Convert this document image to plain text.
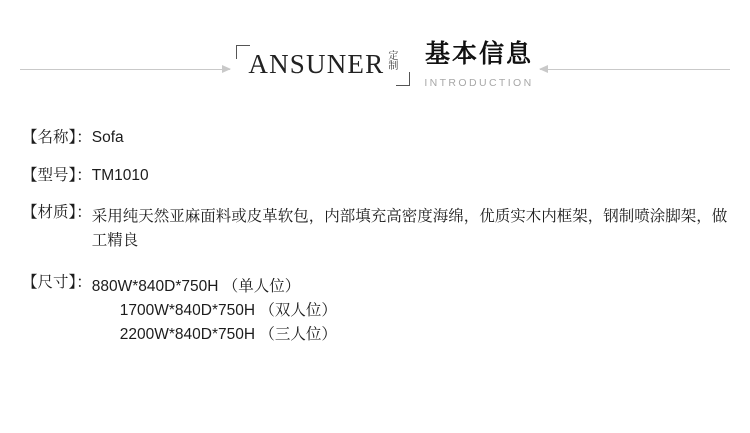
ANSUNER 定
制 基本信息
INTRODUCTION
【名称】： Sofa
【型号】： TM1010
【材质】： 采用纯天然亚麻面料或皮革软包，内部填充高密度海绵，优质实木内框架，钢制喷涂脚架，做工精良
【尺寸】： 880W*840D*750H （单人位）
1700W*840D*750H （双人位）
2200W*840D*750H （三人位）
